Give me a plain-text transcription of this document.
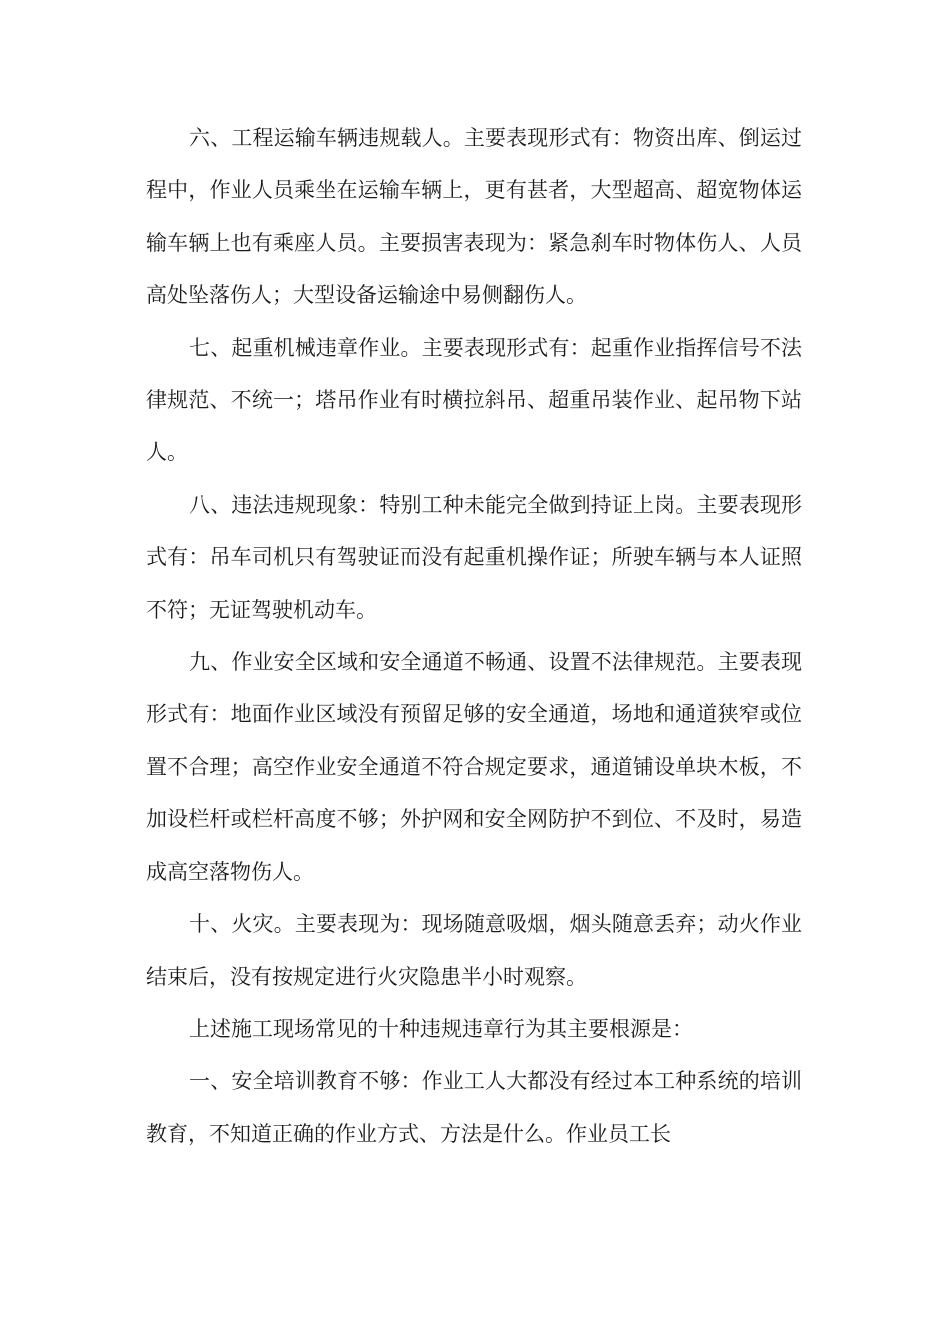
六、工程运输车辆违规载人。主要表现形式有：物资出库、倒运过程中，作业人员乘坐在运输车辆上，更有甚者，大型超高、超宽物体运输车辆上也有乘座人员。主要损害表现为：紧急刹车时物体伤人、人员高处坠落伤人；大型设备运输途中易侧翻伤人。

七、起重机械违章作业。主要表现形式有：起重作业指挥信号不法律规范、不统一；塔吊作业有时横拉斜吊、超重吊装作业、起吊物下站人。

八、违法违规现象：特别工种未能完全做到持证上岗。主要表现形式有：吊车司机只有驾驶证而没有起重机操作证；所驶车辆与本人证照不符；无证驾驶机动车。

九、作业安全区域和安全通道不畅通、设置不法律规范。主要表现形式有：地面作业区域没有预留足够的安全通道，场地和通道狭窄或位置不合理；高空作业安全通道不符合规定要求，通道铺设单块木板，不加设栏杆或栏杆高度不够；外护网和安全网防护不到位、不及时，易造成高空落物伤人。

十、火灾。主要表现为：现场随意吸烟，烟头随意丢弃；动火作业结束后，没有按规定进行火灾隐患半小时观察。

上述施工现场常见的十种违规违章行为其主要根源是：

一、安全培训教育不够：作业工人大都没有经过本工种系统的培训教育，不知道正确的作业方式、方法是什么。作业员工长
